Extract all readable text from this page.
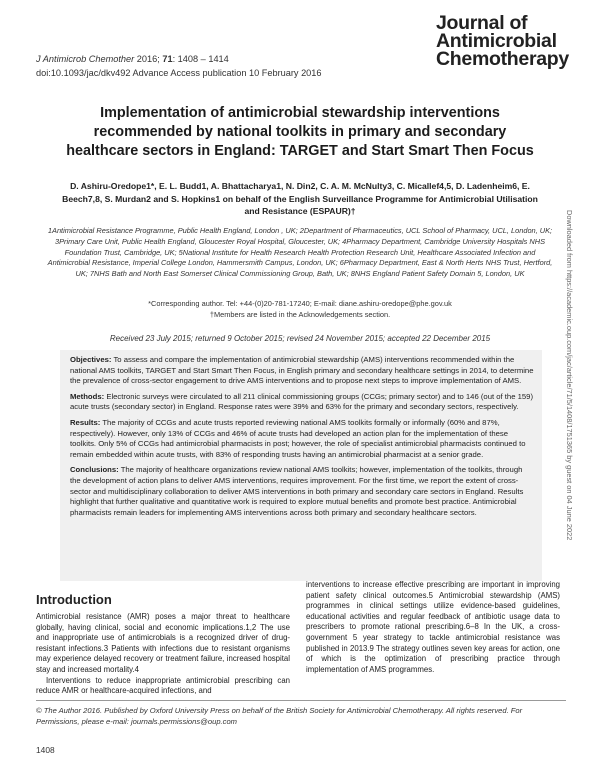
J Antimicrob Chemother 2016; 71: 1408 – 1414
doi:10.1093/jac/dkv492 Advance Access publication 10 February 2016
Journal of
Antimicrobial
Chemotherapy
Implementation of antimicrobial stewardship interventions recommended by national toolkits in primary and secondary healthcare sectors in England: TARGET and Start Smart Then Focus
D. Ashiru-Oredope1*, E. L. Budd1, A. Bhattacharya1, N. Din2, C. A. M. McNulty3, C. Micallef4,5, D. Ladenheim6, E. Beech7,8, S. Murdan2 and S. Hopkins1 on behalf of the English Surveillance Programme for Antimicrobial Utilisation and Resistance (ESPAUR)†
1Antimicrobial Resistance Programme, Public Health England, London , UK; 2Department of Pharmaceutics, UCL School of Pharmacy, UCL, London, UK; 3Primary Care Unit, Public Health England, Gloucester Royal Hospital, Gloucester, UK; 4Pharmacy Department, Cambridge University Hospitals NHS Foundation Trust, Cambridge, UK; 5National Institute for Health Research Health Protection Research Unit, Healthcare Associated Infection and Antimicrobial Resistance, Imperial College London, Hammersmith Campus, London, UK; 6Pharmacy Department, East & North Herts NHS Trust, Hertford, UK; 7NHS Bath and North East Somerset Clinical Commissioning Group, Bath, UK; 8NHS England Patient Safety Domain 5, London, UK
*Corresponding author. Tel: +44-(0)20-781-17240; E-mail: diane.ashiru-oredope@phe.gov.uk
†Members are listed in the Acknowledgements section.
Received 23 July 2015; returned 9 October 2015; revised 24 November 2015; accepted 22 December 2015

Objectives: To assess and compare the implementation of antimicrobial stewardship (AMS) interventions recommended within the national AMS toolkits, TARGET and Start Smart Then Focus, in English primary and secondary healthcare settings in 2014, to determine the prevalence of cross-sector engagement to drive AMS interventions and to propose next steps to improve implementation of AMS.

Methods: Electronic surveys were circulated to all 211 clinical commissioning groups (CCGs; primary sector) and to 146 (out of the 159) acute trusts (secondary sector) in England. Response rates were 39% and 63% for the primary and secondary sectors, respectively.

Results: The majority of CCGs and acute trusts reported reviewing national AMS toolkits formally or informally (60% and 87%, respectively). However, only 13% of CCGs and 46% of acute trusts had developed an action plan for the implementation of these toolkits. Only 5% of CCGs had antimicrobial pharmacists in post; however, the role of specialist antimicrobial pharmacists continued to remain embedded within acute trusts, with 83% of responding trusts having an antimicrobial pharmacist at a senior grade.

Conclusions: The majority of healthcare organizations review national AMS toolkits; however, implementation of the toolkits, through the development of action plans to deliver AMS interventions, requires improvement. For the first time, we report the extent of cross-sector and multidisciplinary collaboration to deliver AMS interventions in both primary and secondary care sectors in England. Results highlight that further qualitative and quantitative work is required to explore mutual benefits and promote best practice. Antimicrobial pharmacists remain leaders for implementing AMS interventions across both primary and secondary healthcare sectors.

Introduction

Antimicrobial resistance (AMR) poses a major threat to healthcare globally, having clinical, social and economic implications.1,2 The use and inappropriate use of antimicrobials is a recognized driver of drug-resistant infections.3 Patients with infections due to resistant organisms may experience delayed recovery or treatment failure, increased hospital stay and increased mortality.4

Interventions to reduce inappropriate antimicrobial prescribing can reduce AMR or healthcare-acquired infections, and

interventions to increase effective prescribing are important in improving patient safety clinical outcomes.5 Antimicrobial stewardship (AMS) programmes in clinical settings utilize evidence-based guidelines, educational activities and regular feedback of antibiotic usage data to prescribers to promote rational prescribing.6–8 In the UK, a cross-government 5 year strategy to tackle antimicrobial resistance was published in 2013.9 The strategy outlines seven key areas for action, one of which is the optimization of prescribing practice through implementation of AMS programmes.

© The Author 2016. Published by Oxford University Press on behalf of the British Society for Antimicrobial Chemotherapy. All rights reserved. For Permissions, please e-mail: journals.permissions@oup.com
1408
Downloaded from https://academic.oup.com/jac/article/71/5/1408/1751365 by guest on 04 June 2022
